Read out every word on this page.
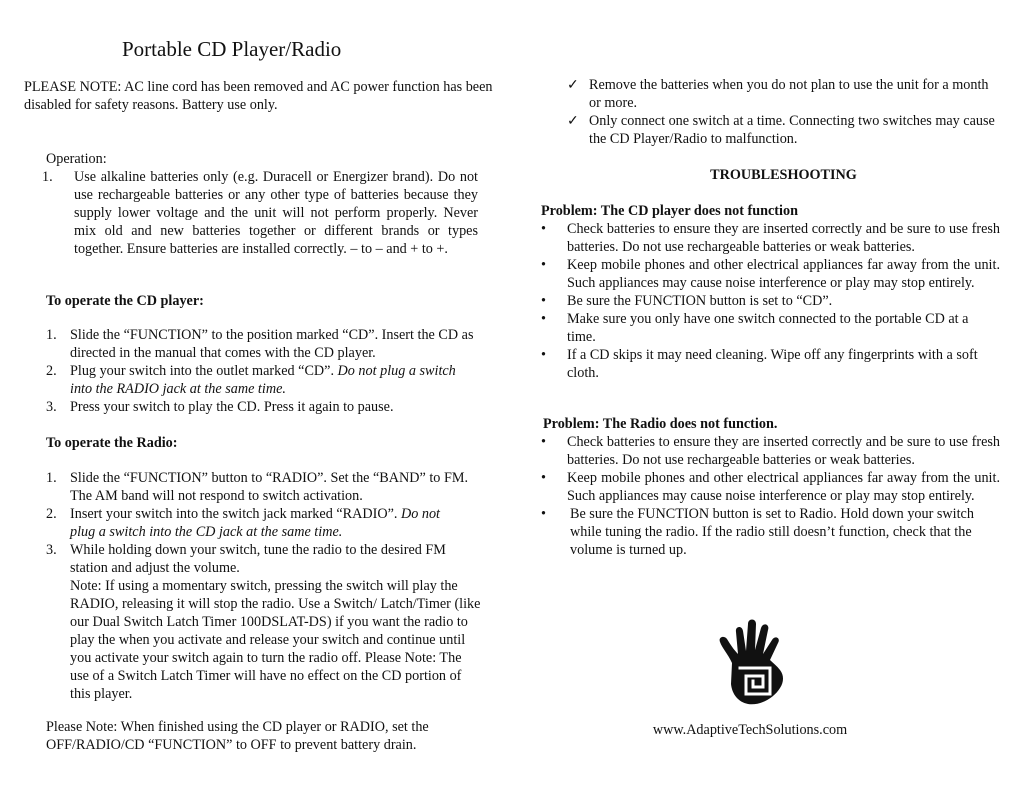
Portable CD Player/Radio

PLEASE NOTE: AC line cord has been removed and AC power function has been disabled for safety reasons. Battery use only.

Operation:
1. Use alkaline batteries only (e.g. Duracell or Energizer brand). Do not use rechargeable batteries or any other type of batteries because they supply lower voltage and the unit will not perform properly. Never mix old and new batteries together or different brands or types together. Ensure batteries are installed correctly. – to – and + to +.
To operate the CD player:
1. Slide the “FUNCTION” to the position marked “CD”. Insert the CD as directed in the manual that comes with the CD player.
2. Plug your switch into the outlet marked “CD”. Do not plug a switch into the RADIO jack at the same time.
3. Press your switch to play the CD. Press it again to pause.
To operate the Radio:
1. Slide the “FUNCTION” button to “RADIO”. Set the “BAND” to FM. The AM band will not respond to switch activation.
2. Insert your switch into the switch jack marked “RADIO”. Do not plug a switch into the CD jack at the same time.
3. While holding down your switch, tune the radio to the desired FM station and adjust the volume.
Note: If using a momentary switch, pressing the switch will play the RADIO, releasing it will stop the radio. Use a Switch/ Latch/Timer (like our Dual Switch Latch Timer 100DSLAT-DS) if you want the radio to play the when you activate and release your switch and continue until you activate your switch again to turn the radio off. Please Note: The use of a Switch Latch Timer will have no effect on the CD portion of this player.

Please Note: When finished using the CD player or RADIO, set the OFF/RADIO/CD “FUNCTION” to OFF to prevent battery drain.

✓ Remove the batteries when you do not plan to use the unit for a month or more.
✓ Only connect one switch at a time. Connecting two switches may cause the CD Player/Radio to malfunction.
TROUBLESHOOTING
Problem: The CD player does not function
• Check batteries to ensure they are inserted correctly and be sure to use fresh batteries. Do not use rechargeable batteries or weak batteries.
• Keep mobile phones and other electrical appliances far away from the unit. Such appliances may cause noise interference or play may stop entirely.
• Be sure the FUNCTION button is set to “CD”.
• Make sure you only have one switch connected to the portable CD at a time.
• If a CD skips it may need cleaning. Wipe off any fingerprints with a soft cloth.
Problem: The Radio does not function.
• Check batteries to ensure they are inserted correctly and be sure to use fresh batteries. Do not use rechargeable batteries or weak batteries.
• Keep mobile phones and other electrical appliances far away from the unit. Such appliances may cause noise interference or play may stop entirely.
• Be sure the FUNCTION button is set to Radio. Hold down your switch while tuning the radio. If the radio still doesn’t function, check that the volume is turned up.
www.AdaptiveTechSolutions.com
